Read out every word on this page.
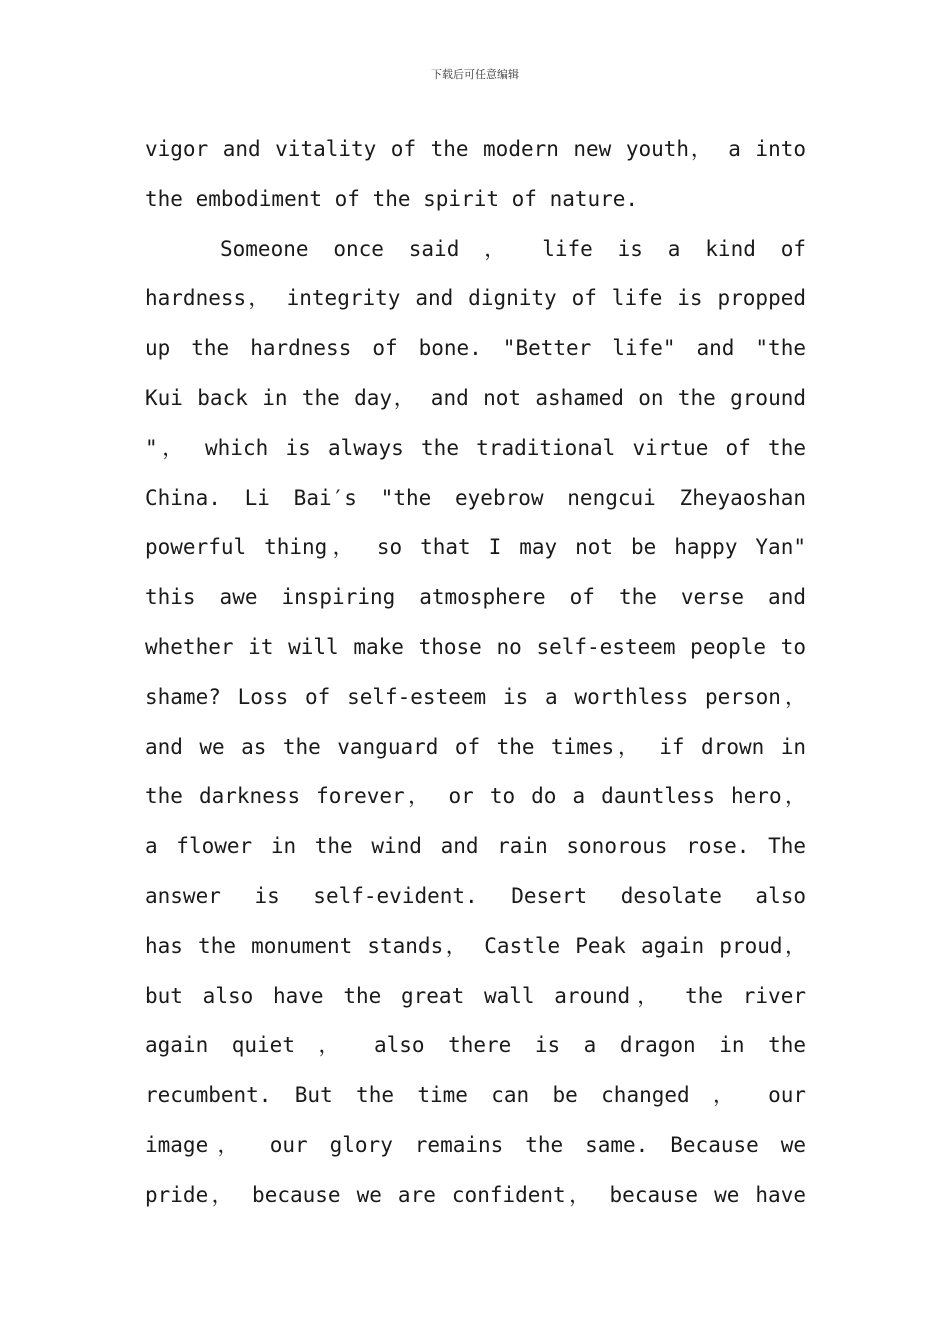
下载后可任意编辑

vigor and vitality of the modern new youth， a into
the embodiment of the spirit of nature.
Someone once said ， life is a kind of
hardness， integrity and dignity of life is propped
up the hardness of bone. "Better life" and "the
Kui back in the day， and not ashamed on the ground
"， which is always the traditional virtue of the
China. Li Bai′s "the eyebrow nengcui Zheyaoshan
powerful thing， so that I may not be happy Yan"
this awe inspiring atmosphere of the verse and
whether it will make those no self-esteem people to
shame? Loss of self-esteem is a worthless person，
and we as the vanguard of the times， if drown in
the darkness forever， or to do a dauntless hero，
a flower in the wind and rain sonorous rose. The
answer is self-evident. Desert desolate also
has the monument stands， Castle Peak again proud，
but also have the great wall around， the river
again quiet ， also there is a dragon in the
recumbent. But the time can be changed ， our
image， our glory remains the same. Because we
pride， because we are confident， because we have
